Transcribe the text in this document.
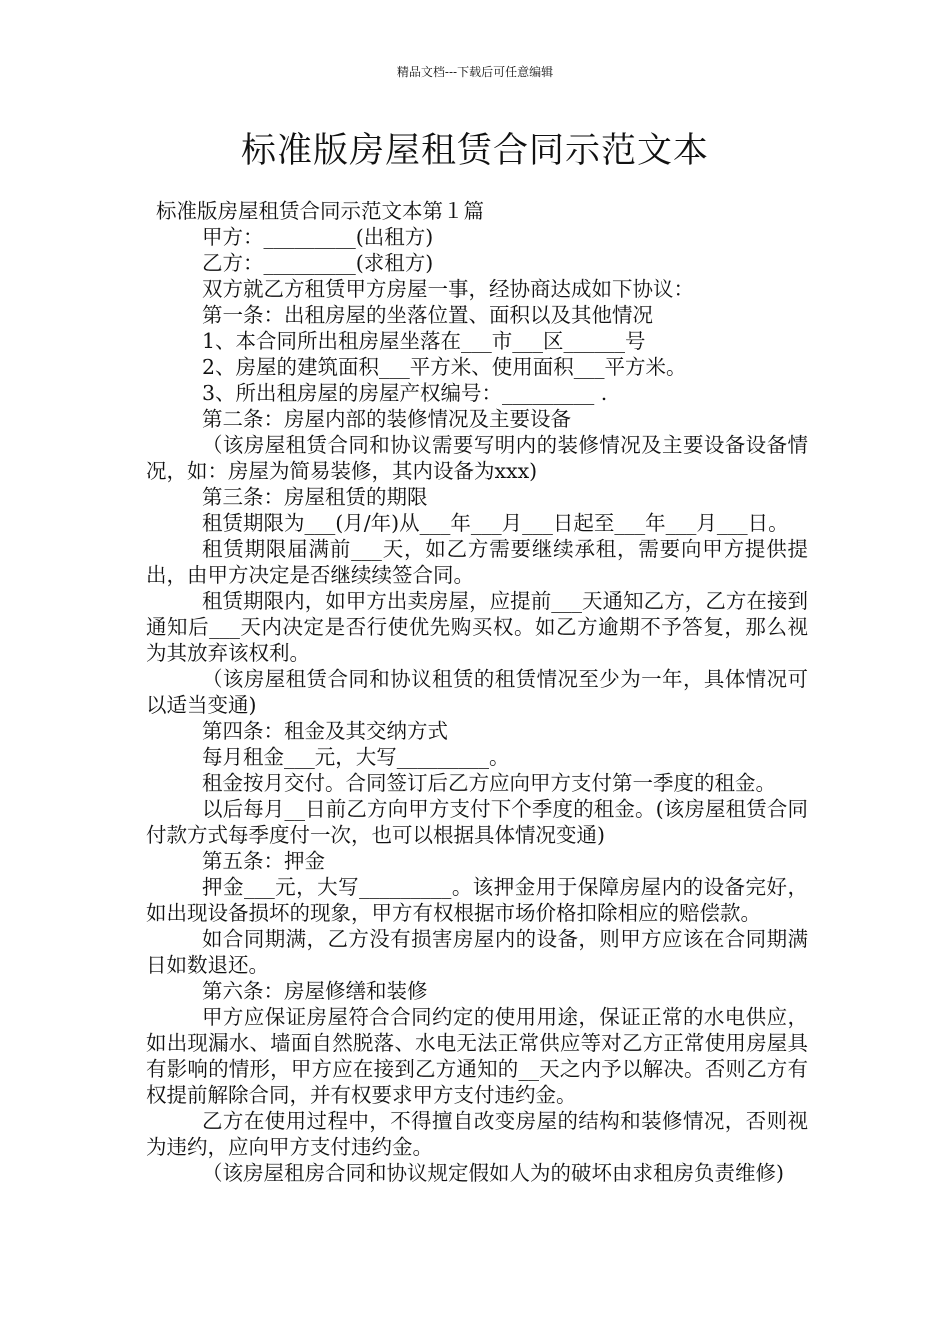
精品文档---下载后可任意编辑
标准版房屋租赁合同示范文本

标准版房屋租赁合同示范文本第１篇

甲方：_________(出租方)

乙方：_________(求租方)

双方就乙方租赁甲方房屋一事，经协商达成如下协议：

第一条：出租房屋的坐落位置、面积以及其他情况

1、本合同所出租房屋坐落在___市___区______号

2、房屋的建筑面积___平方米、使用面积___平方米。

3、所出租房屋的房屋产权编号：_________ .

第二条：房屋内部的装修情况及主要设备

（该房屋租赁合同和协议需要写明内的装修情况及主要设备设备情况，如：房屋为简易装修，其内设备为xxx)

第三条：房屋租赁的期限

租赁期限为___(月/年)从___年___月___日起至___年___月___日。

租赁期限届满前___天，如乙方需要继续承租，需要向甲方提供提出，由甲方决定是否继续续签合同。

租赁期限内，如甲方出卖房屋，应提前___天通知乙方，乙方在接到通知后___天内决定是否行使优先购买权。如乙方逾期不予答复，那么视为其放弃该权利。

（该房屋租赁合同和协议租赁的租赁情况至少为一年，具体情况可以适当变通)

第四条：租金及其交纳方式

每月租金___元，大写_________。

租金按月交付。合同签订后乙方应向甲方支付第一季度的租金。

以后每月__日前乙方向甲方支付下个季度的租金。(该房屋租赁合同付款方式每季度付一次，也可以根据具体情况变通)

第五条：押金

押金___元，大写_________。该押金用于保障房屋内的设备完好，如出现设备损坏的现象，甲方有权根据市场价格扣除相应的赔偿款。

如合同期满，乙方没有损害房屋内的设备，则甲方应该在合同期满日如数退还。

第六条：房屋修缮和装修

甲方应保证房屋符合合同约定的使用用途，保证正常的水电供应，如出现漏水、墙面自然脱落、水电无法正常供应等对乙方正常使用房屋具有影响的情形，甲方应在接到乙方通知的__天之内予以解决。否则乙方有权提前解除合同，并有权要求甲方支付违约金。

乙方在使用过程中，不得擅自改变房屋的结构和装修情况，否则视为违约，应向甲方支付违约金。

（该房屋租房合同和协议规定假如人为的破坏由求租房负责维修)
